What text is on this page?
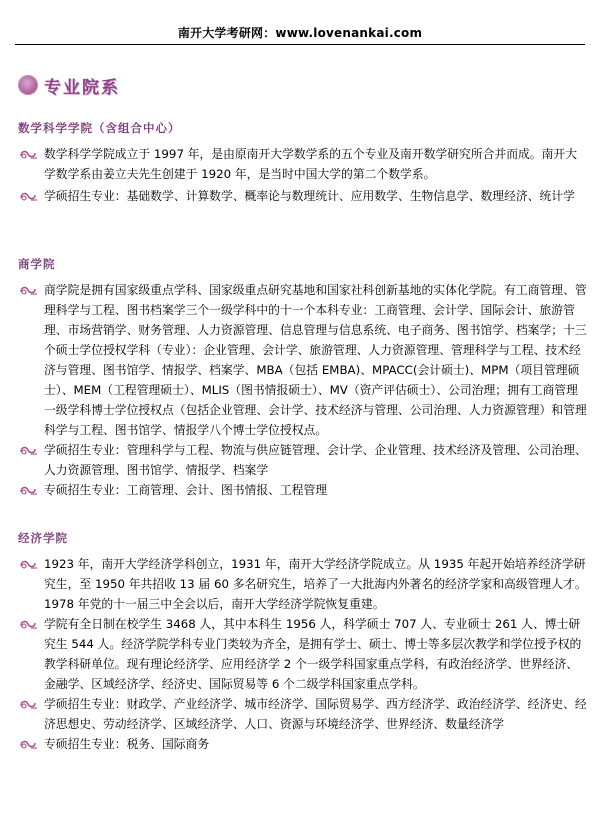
南开大学考研网：www.lovenankai.com
专业院系
数学科学学院（含组合中心）
数学科学学院成立于 1997 年，是由原南开大学数学系的五个专业及南开数学研究所合并而成。南开大学数学系由姜立夫先生创建于 1920 年，是当时中国大学的第二个数学系。
学硕招生专业：基础数学、计算数学、概率论与数理统计、应用数学、生物信息学、数理经济、统计学
商学院
商学院是拥有国家级重点学科、国家级重点研究基地和国家社科创新基地的实体化学院。有工商管理、管理科学与工程、图书档案学三个一级学科中的十一个本科专业：工商管理、会计学、国际会计、旅游管理、市场营销学、财务管理、人力资源管理、信息管理与信息系统、电子商务、图书馆学、档案学；十三个硕士学位授权学科（专业）：企业管理、会计学、旅游管理、人力资源管理、管理科学与工程、技术经济与管理、图书馆学、情报学、档案学、MBA（包括 EMBA)、MPACC(会计硕士)、MPM（项目管理硕士）、MEM（工程管理硕士）、MLIS（图书情报硕士）、MV（资产评估硕士）、公司治理；拥有工商管理一级学科博士学位授权点（包括企业管理、会计学、技术经济与管理、公司治理、人力资源管理）和管理科学与工程、图书馆学、情报学八个博士学位授权点。
学硕招生专业：管理科学与工程、物流与供应链管理、会计学、企业管理、技术经济及管理、公司治理、人力资源管理、图书馆学、情报学、档案学
专硕招生专业：工商管理、会计、图书情报、工程管理
经济学院
1923 年，南开大学经济学科创立，1931 年，南开大学经济学院成立。从 1935 年起开始培养经济学研究生，至 1950 年共招收 13 届 60 多名研究生，培养了一大批海内外著名的经济学家和高级管理人才。1978 年党的十一届三中全会以后，南开大学经济学院恢复重建。
学院有全日制在校学生 3468 人，其中本科生 1956 人，科学硕士 707 人、专业硕士 261 人、博士研究生 544 人。经济学院学科专业门类较为齐全，是拥有学士、硕士、博士等多层次教学和学位授予权的教学科研单位。现有理论经济学、应用经济学 2 个一级学科国家重点学科，有政治经济学、世界经济、金融学、区域经济学、经济史、国际贸易等 6 个二级学科国家重点学科。
学硕招生专业：财政学、产业经济学、城市经济学、国际贸易学、西方经济学、政治经济学、经济史、经济思想史、劳动经济学、区域经济学、人口、资源与环境经济学、世界经济、数量经济学
专硕招生专业：税务、国际商务
